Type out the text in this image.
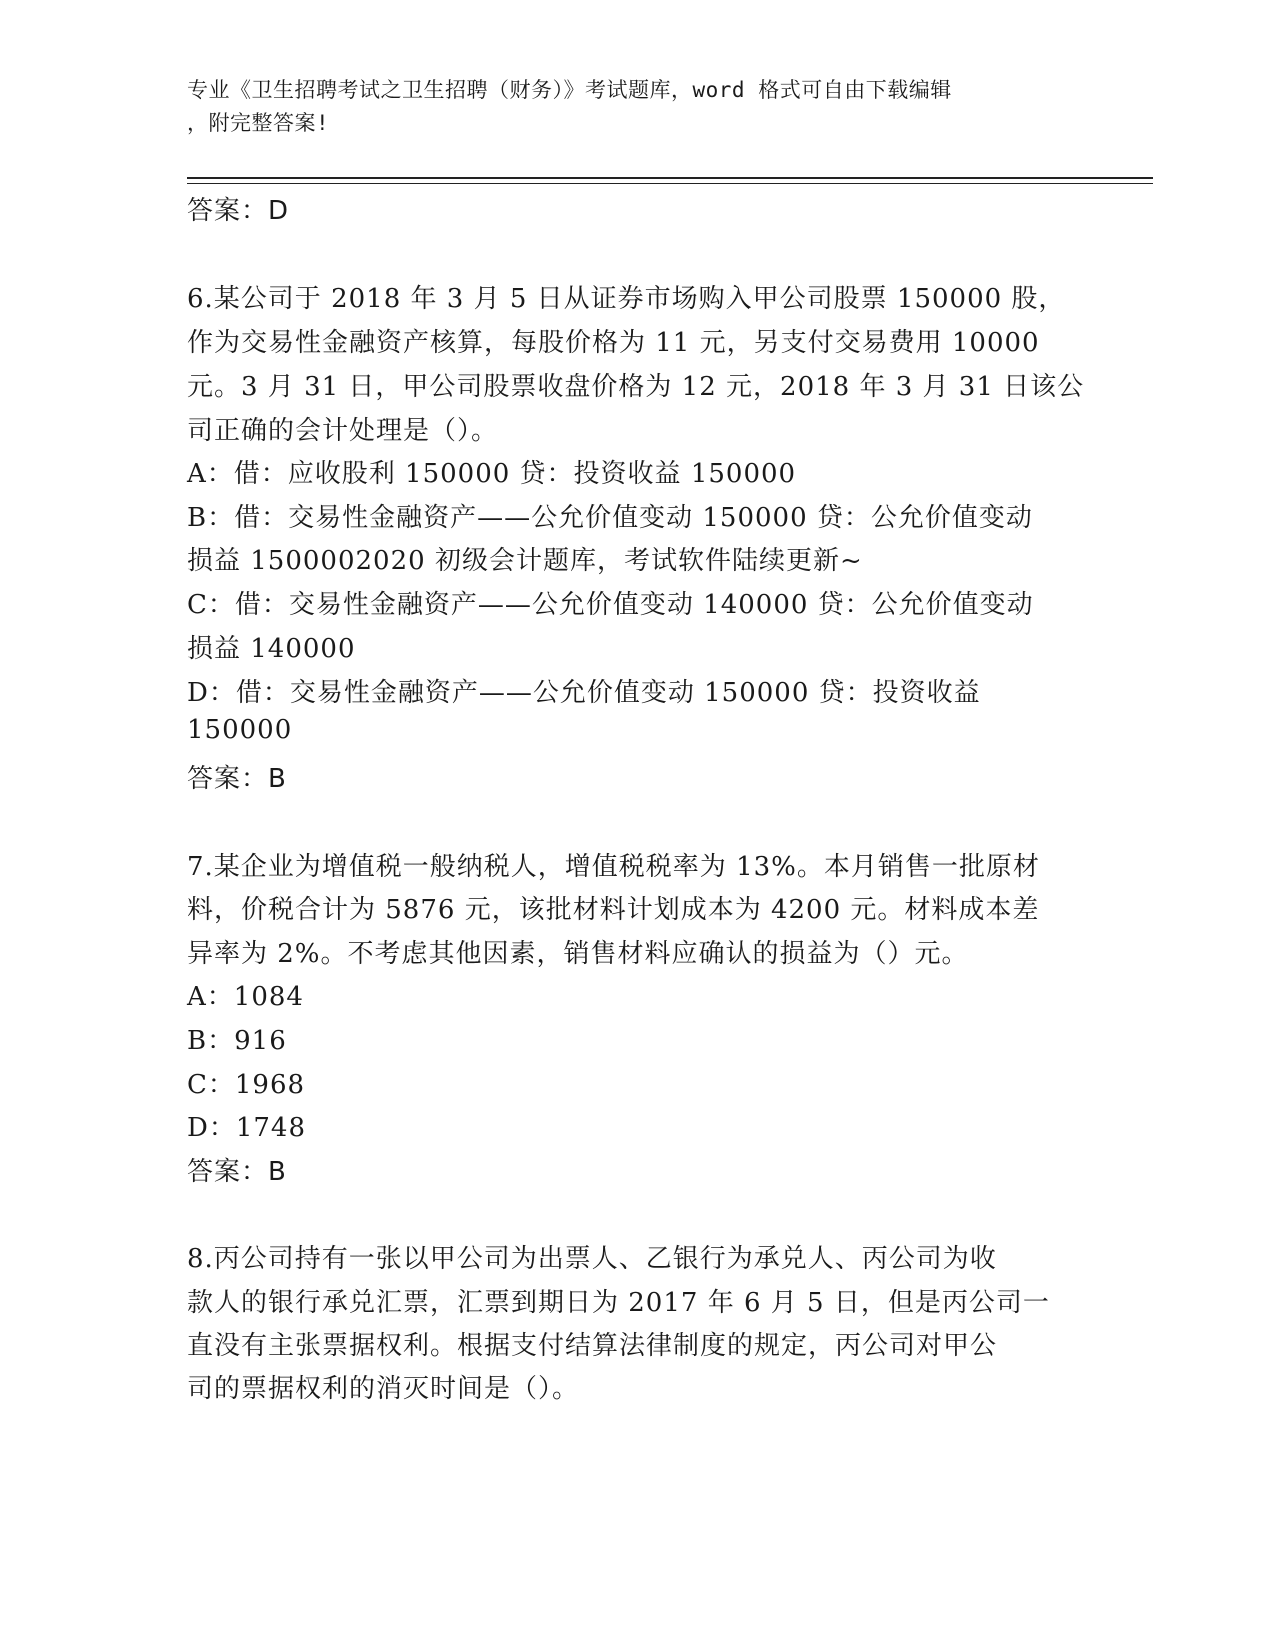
专业《卫生招聘考试之卫生招聘（财务）》考试题库，word 格式可自由下载编辑
，附完整答案!
答案：D
6.某公司于 2018 年 3 月 5 日从证券市场购入甲公司股票 150000 股，
作为交易性金融资产核算，每股价格为 11 元，另支付交易费用 10000
元。3 月 31 日，甲公司股票收盘价格为 12 元，2018 年 3 月 31 日该公
司正确的会计处理是（）。
A：借：应收股利 150000 贷：投资收益 150000
B：借：交易性金融资产——公允价值变动 150000 贷：公允价值变动
损益 1500002020 初级会计题库，考试软件陆续更新~
C：借：交易性金融资产——公允价值变动 140000 贷：公允价值变动
损益 140000
D：借：交易性金融资产——公允价值变动 150000 贷：投资收益
150000
答案：B
7.某企业为增值税一般纳税人，增值税税率为 13%。本月销售一批原材
料，价税合计为 5876 元，该批材料计划成本为 4200 元。材料成本差
异率为 2%。不考虑其他因素，销售材料应确认的损益为（）元。
A：1084
B：916
C：1968
D：1748
答案：B
8.丙公司持有一张以甲公司为出票人、乙银行为承兑人、丙公司为收
款人的银行承兑汇票，汇票到期日为 2017 年 6 月 5 日，但是丙公司一
直没有主张票据权利。根据支付结算法律制度的规定，丙公司对甲公
司的票据权利的消灭时间是（）。
